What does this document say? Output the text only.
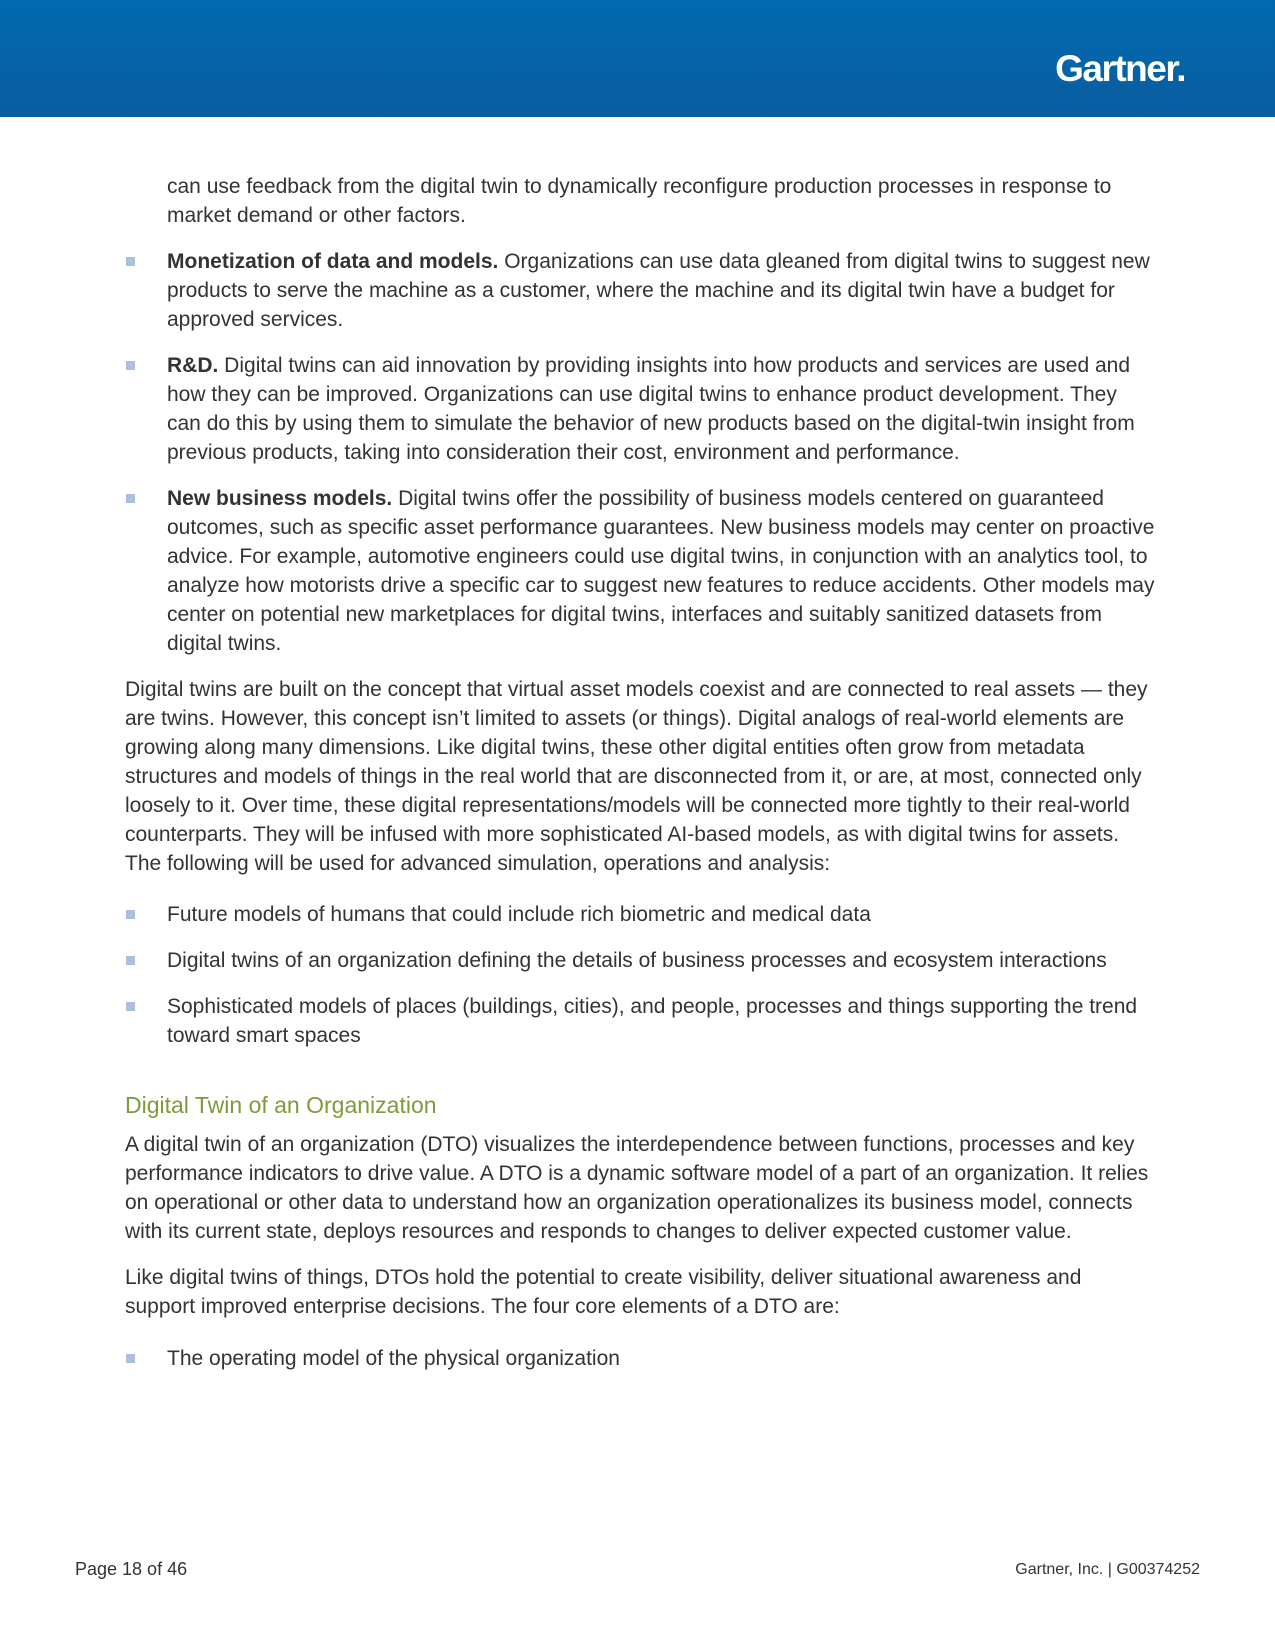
Gartner.

can use feedback from the digital twin to dynamically reconfigure production processes in response to market demand or other factors.

Monetization of data and models. Organizations can use data gleaned from digital twins to suggest new products to serve the machine as a customer, where the machine and its digital twin have a budget for approved services.
R&D. Digital twins can aid innovation by providing insights into how products and services are used and how they can be improved. Organizations can use digital twins to enhance product development. They can do this by using them to simulate the behavior of new products based on the digital-twin insight from previous products, taking into consideration their cost, environment and performance.
New business models. Digital twins offer the possibility of business models centered on guaranteed outcomes, such as specific asset performance guarantees. New business models may center on proactive advice. For example, automotive engineers could use digital twins, in conjunction with an analytics tool, to analyze how motorists drive a specific car to suggest new features to reduce accidents. Other models may center on potential new marketplaces for digital twins, interfaces and suitably sanitized datasets from digital twins.

Digital twins are built on the concept that virtual asset models coexist and are connected to real assets — they are twins. However, this concept isn’t limited to assets (or things). Digital analogs of real-world elements are growing along many dimensions. Like digital twins, these other digital entities often grow from metadata structures and models of things in the real world that are disconnected from it, or are, at most, connected only loosely to it. Over time, these digital representations/models will be connected more tightly to their real-world counterparts. They will be infused with more sophisticated AI-based models, as with digital twins for assets. The following will be used for advanced simulation, operations and analysis:

Future models of humans that could include rich biometric and medical data
Digital twins of an organization defining the details of business processes and ecosystem interactions
Sophisticated models of places (buildings, cities), and people, processes and things supporting the trend toward smart spaces
Digital Twin of an Organization

A digital twin of an organization (DTO) visualizes the interdependence between functions, processes and key performance indicators to drive value. A DTO is a dynamic software model of a part of an organization. It relies on operational or other data to understand how an organization operationalizes its business model, connects with its current state, deploys resources and responds to changes to deliver expected customer value.

Like digital twins of things, DTOs hold the potential to create visibility, deliver situational awareness and support improved enterprise decisions. The four core elements of a DTO are:

The operating model of the physical organization
Page 18 of 46	Gartner, Inc. | G00374252
